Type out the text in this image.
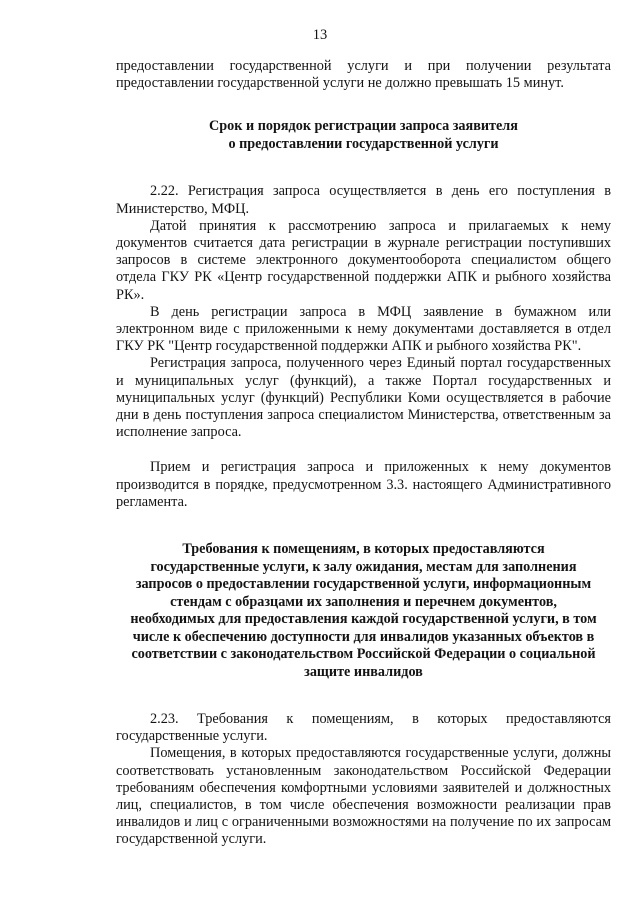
13

предоставлении государственной услуги и при получении результата предоставлении государственной услуги не должно превышать 15 минут.

Срок и порядок регистрации запроса заявителя

о предоставлении государственной услуги

2.22. Регистрация запроса осуществляется в день его поступления в Министерство, МФЦ.

Датой принятия к рассмотрению запроса и прилагаемых к нему документов считается дата регистрации в журнале регистрации поступивших запросов в системе электронного документооборота специалистом общего отдела ГКУ РК «Центр государственной поддержки АПК и рыбного хозяйства РК».

В день регистрации запроса в МФЦ заявление в бумажном или электронном виде с приложенными к нему документами доставляется в отдел ГКУ РК "Центр государственной поддержки АПК и рыбного хозяйства РК".

Регистрация запроса, полученного через Единый портал государственных и муниципальных услуг (функций), а также Портал государственных и муниципальных услуг (функций) Республики Коми осуществляется в рабочие дни в день поступления запроса специалистом Министерства, ответственным за исполнение запроса.

Прием и регистрация запроса и приложенных к нему документов производится в порядке, предусмотренном 3.3. настоящего Административного регламента.

Требования к помещениям, в которых предоставляются

государственные услуги, к залу ожидания, местам для заполнения

запросов о предоставлении государственной услуги, информационным

стендам с образцами их заполнения и перечнем документов,

необходимых для предоставления каждой государственной услуги, в том

числе к обеспечению доступности для инвалидов указанных объектов в

соответствии с законодательством Российской Федерации о социальной

защите инвалидов

2.23. Требования к помещениям, в которых предоставляются государственные услуги.

Помещения, в которых предоставляются государственные услуги, должны соответствовать установленным законодательством Российской Федерации требованиям обеспечения комфортными условиями заявителей и должностных лиц, специалистов, в том числе обеспечения возможности реализации прав инвалидов и лиц с ограниченными возможностями на получение по их запросам государственной услуги.
